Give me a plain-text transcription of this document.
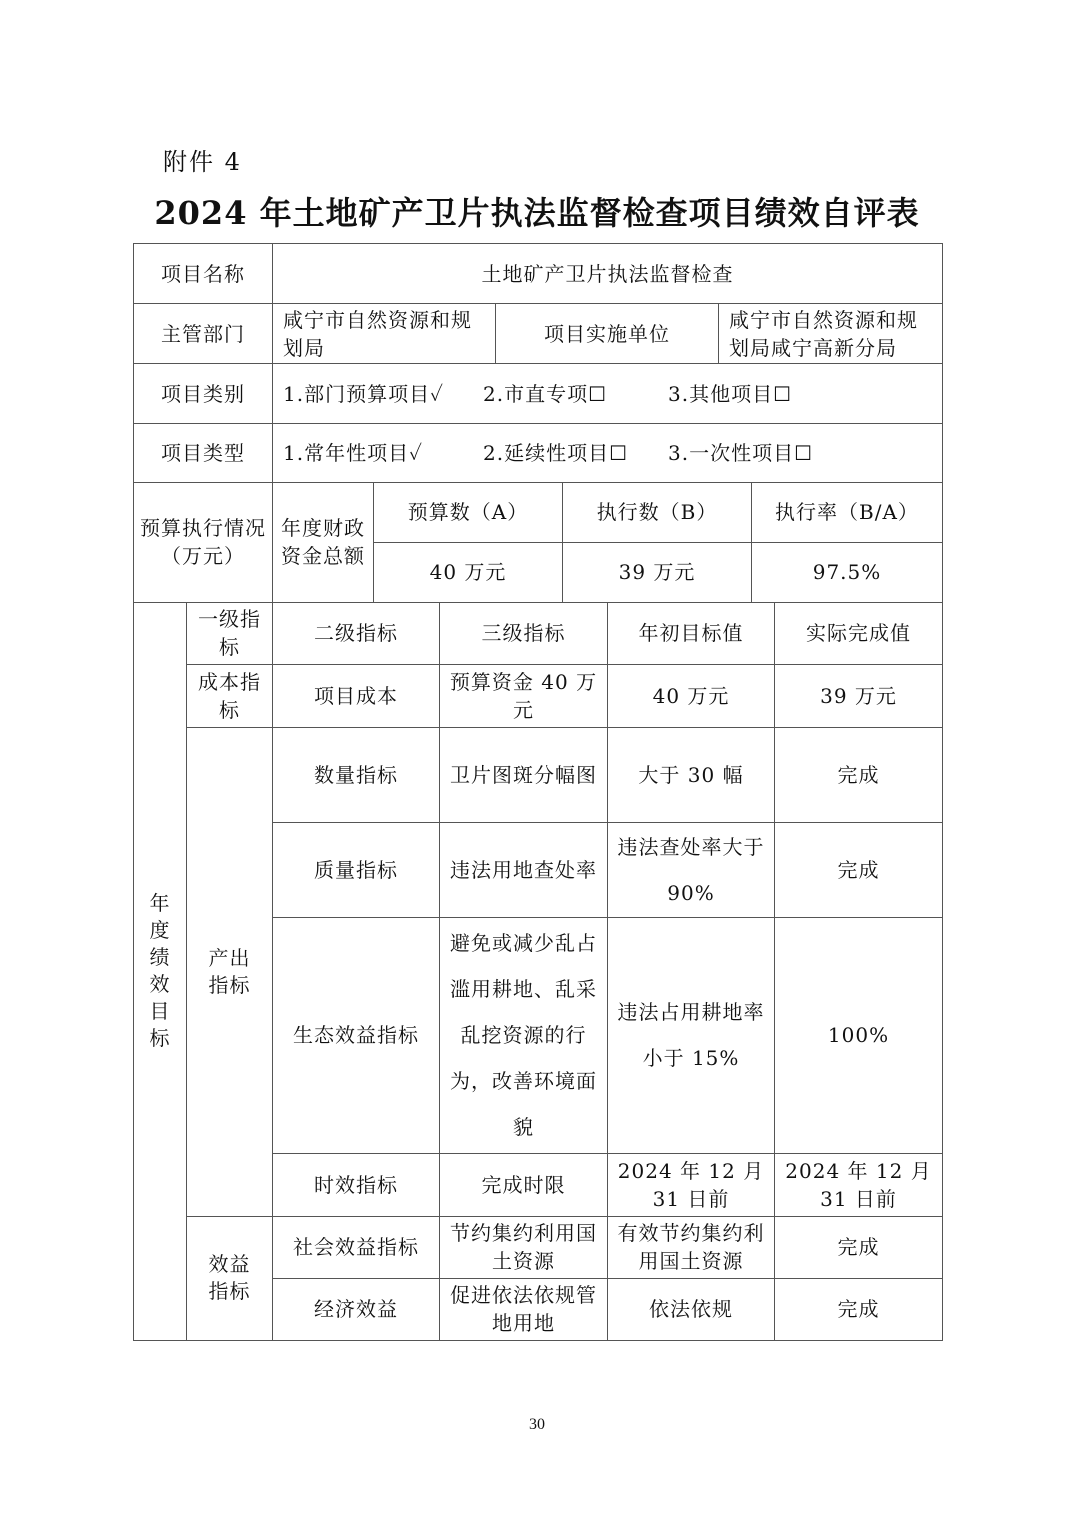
附件 4
2024 年土地矿产卫片执法监督检查项目绩效自评表
项目名称	土地矿产卫片执法监督检查		
主管部门	咸宁市自然资源和规划局	项目实施单位	咸宁市自然资源和规划局咸宁高新分局
项目类别	1.部门预算项目✓ 2.市直专项☐ 3.其他项目☐		
项目类型	1.常年性项目✓ 2.延续性项目☐ 3.一次性项目☐		
预算执行情况（万元）	年度财政资金总额	预算数（A）	执行数（B）	执行率（B/A）
		40 万元	39 万元	97.5%
年度绩效目标	一级指标	二级指标	三级指标	年初目标值	实际完成值
	成本指标	项目成本	预算资金 40 万元	40 万元	39 万元
	产出指标	数量指标	卫片图斑分幅图	大于 30 幅	完成
		质量指标	违法用地查处率	违法查处率大于 90%	完成
		生态效益指标	避免或减少乱占滥用耕地、乱采乱挖资源的行为，改善环境面貌	违法占用耕地率小于 15%	100%
		时效指标	完成时限	2024 年 12 月 31 日前	2024 年 12 月 31 日前
	效益指标	社会效益指标	节约集约利用国土资源	有效节约集约利用国土资源	完成
		经济效益	促进依法依规管地用地	依法依规	完成
30
